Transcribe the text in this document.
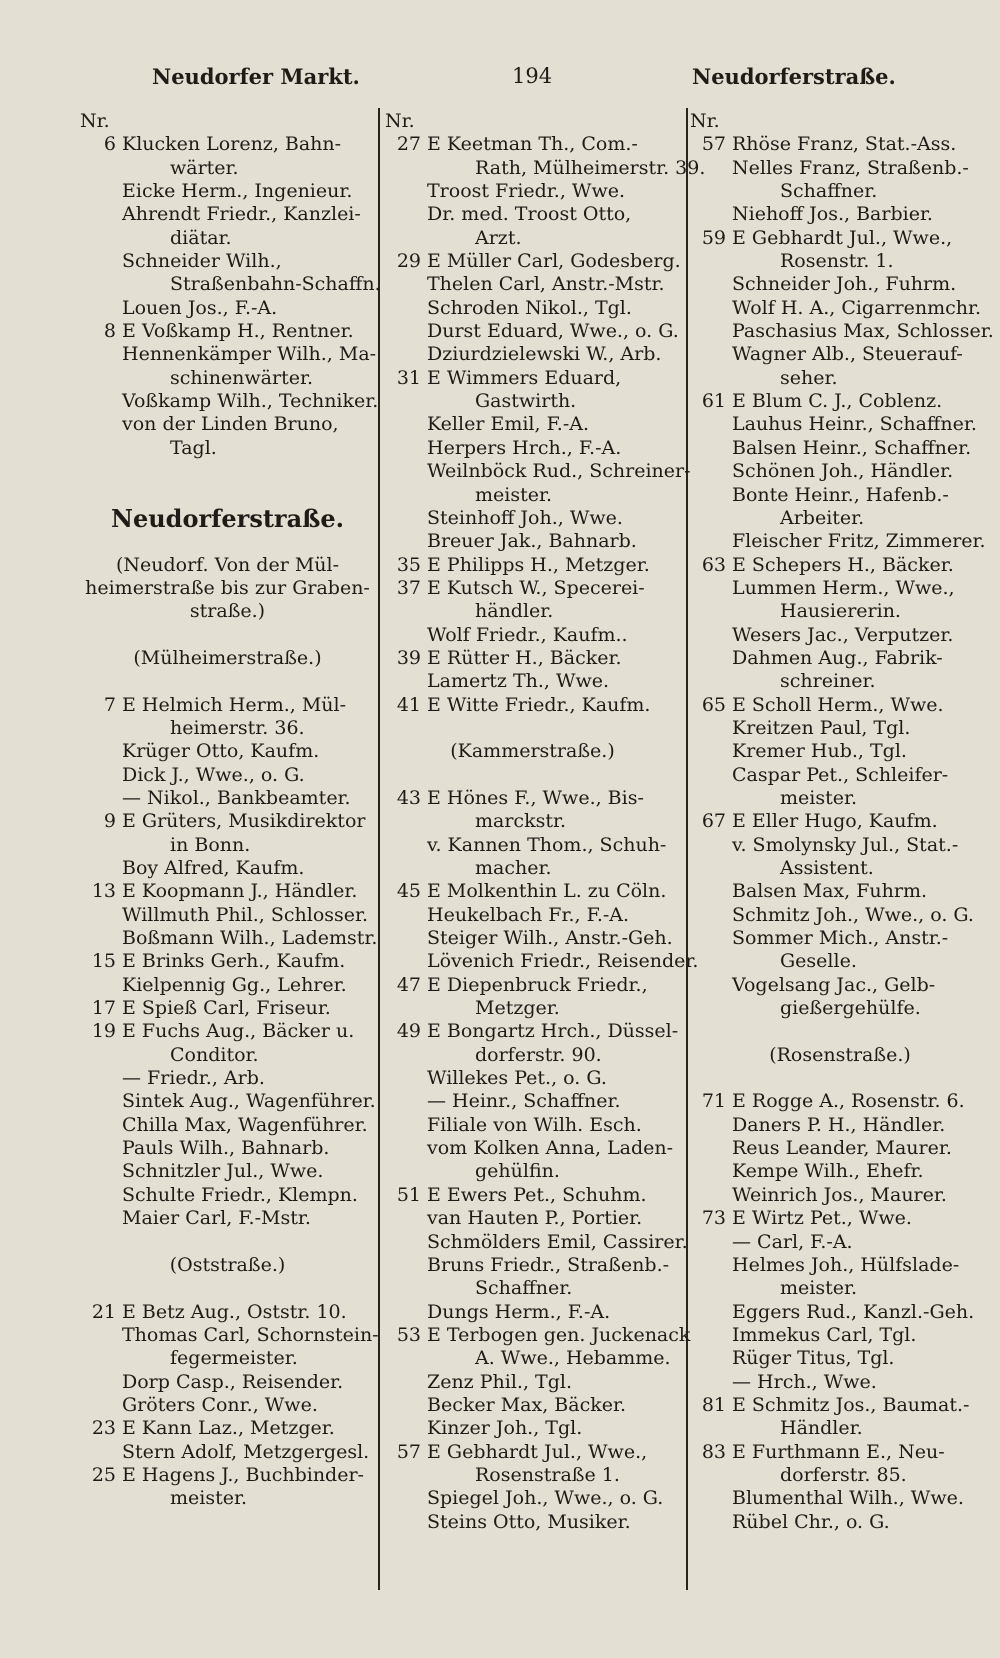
Neudorfer Markt.	194	Neudorferstraße.
Nr.
6 Klucken Lorenz, Bahn-
wärter.
Eicke Herm., Ingenieur.
Ahrendt Friedr., Kanzlei-
diätar.
Schneider Wilh.,
Straßenbahn-Schaffn.
Louen Jos., F.-A.
8 E Voßkamp H., Rentner.
Hennenkämper Wilh., Ma-
schinenwärter.
Voßkamp Wilh., Techniker.
von der Linden Bruno,
Tagl.
Neudorferstraße.
(Neudorf. Von der Mül-
heimerstraße bis zur Graben-
straße.)
(Mülheimerstraße.)
7 E Helmich Herm., Mül-
heimerstr. 36.
Krüger Otto, Kaufm.
Dick J., Wwe., o. G.
— Nikol., Bankbeamter.
9 E Grüters, Musikdirektor
in Bonn.
Boy Alfred, Kaufm.
13 E Koopmann J., Händler.
Willmuth Phil., Schlosser.
Boßmann Wilh., Lademstr.
15 E Brinks Gerh., Kaufm.
Kielpennig Gg., Lehrer.
17 E Spieß Carl, Friseur.
19 E Fuchs Aug., Bäcker u.
Conditor.
— Friedr., Arb.
Sintek Aug., Wagenführer.
Chilla Max, Wagenführer.
Pauls Wilh., Bahnarb.
Schnitzler Jul., Wwe.
Schulte Friedr., Klempn.
Maier Carl, F.-Mstr.
(Oststraße.)
21 E Betz Aug., Oststr. 10.
Thomas Carl, Schornstein-
fegermeister.
Dorp Casp., Reisender.
Gröters Conr., Wwe.
23 E Kann Laz., Metzger.
Stern Adolf, Metzgergesl.
25 E Hagens J., Buchbinder-
meister.
Nr.
27 E Keetman Th., Com.-
Rath, Mülheimerstr. 39.
Troost Friedr., Wwe.
Dr. med. Troost Otto,
Arzt.
29 E Müller Carl, Godesberg.
Thelen Carl, Anstr.-Mstr.
Schroden Nikol., Tgl.
Durst Eduard, Wwe., o. G.
Dziurdzielewski W., Arb.
31 E Wimmers Eduard,
Gastwirth.
Keller Emil, F.-A.
Herpers Hrch., F.-A.
Weilnböck Rud., Schreiner-
meister.
Steinhoff Joh., Wwe.
Breuer Jak., Bahnarb.
35 E Philipps H., Metzger.
37 E Kutsch W., Specerei-
händler.
Wolf Friedr., Kaufm..
39 E Rütter H., Bäcker.
Lamertz Th., Wwe.
41 E Witte Friedr., Kaufm.
(Kammerstraße.)
43 E Hönes F., Wwe., Bis-
marckstr.
v. Kannen Thom., Schuh-
macher.
45 E Molkenthin L. zu Cöln.
Heukelbach Fr., F.-A.
Steiger Wilh., Anstr.-Geh.
Lövenich Friedr., Reisender.
47 E Diepenbruck Friedr.,
Metzger.
49 E Bongartz Hrch., Düssel-
dorferstr. 90.
Willekes Pet., o. G.
— Heinr., Schaffner.
Filiale von Wilh. Esch.
vom Kolken Anna, Laden-
gehülfin.
51 E Ewers Pet., Schuhm.
van Hauten P., Portier.
Schmölders Emil, Cassirer.
Bruns Friedr., Straßenb.-
Schaffner.
Dungs Herm., F.-A.
53 E Terbogen gen. Juckenack
A. Wwe., Hebamme.
Zenz Phil., Tgl.
Becker Max, Bäcker.
Kinzer Joh., Tgl.
57 E Gebhardt Jul., Wwe.,
Rosenstraße 1.
Spiegel Joh., Wwe., o. G.
Steins Otto, Musiker.
Nr.
57 Rhöse Franz, Stat.-Ass.
Nelles Franz, Straßenb.-
Schaffner.
Niehoff Jos., Barbier.
59 E Gebhardt Jul., Wwe.,
Rosenstr. 1.
Schneider Joh., Fuhrm.
Wolf H. A., Cigarrenmchr.
Paschasius Max, Schlosser.
Wagner Alb., Steuerauf-
seher.
61 E Blum C. J., Coblenz.
Lauhus Heinr., Schaffner.
Balsen Heinr., Schaffner.
Schönen Joh., Händler.
Bonte Heinr., Hafenb.-
Arbeiter.
Fleischer Fritz, Zimmerer.
63 E Schepers H., Bäcker.
Lummen Herm., Wwe.,
Hausiererin.
Wesers Jac., Verputzer.
Dahmen Aug., Fabrik-
schreiner.
65 E Scholl Herm., Wwe.
Kreitzen Paul, Tgl.
Kremer Hub., Tgl.
Caspar Pet., Schleifer-
meister.
67 E Eller Hugo, Kaufm.
v. Smolynsky Jul., Stat.-
Assistent.
Balsen Max, Fuhrm.
Schmitz Joh., Wwe., o. G.
Sommer Mich., Anstr.-
Geselle.
Vogelsang Jac., Gelb-
gießergehülfe.
(Rosenstraße.)
71 E Rogge A., Rosenstr. 6.
Daners P. H., Händler.
Reus Leander, Maurer.
Kempe Wilh., Ehefr.
Weinrich Jos., Maurer.
73 E Wirtz Pet., Wwe.
— Carl, F.-A.
Helmes Joh., Hülfslade-
meister.
Eggers Rud., Kanzl.-Geh.
Immekus Carl, Tgl.
Rüger Titus, Tgl.
— Hrch., Wwe.
81 E Schmitz Jos., Baumat.-
Händler.
83 E Furthmann E., Neu-
dorferstr. 85.
Blumenthal Wilh., Wwe.
Rübel Chr., o. G.
